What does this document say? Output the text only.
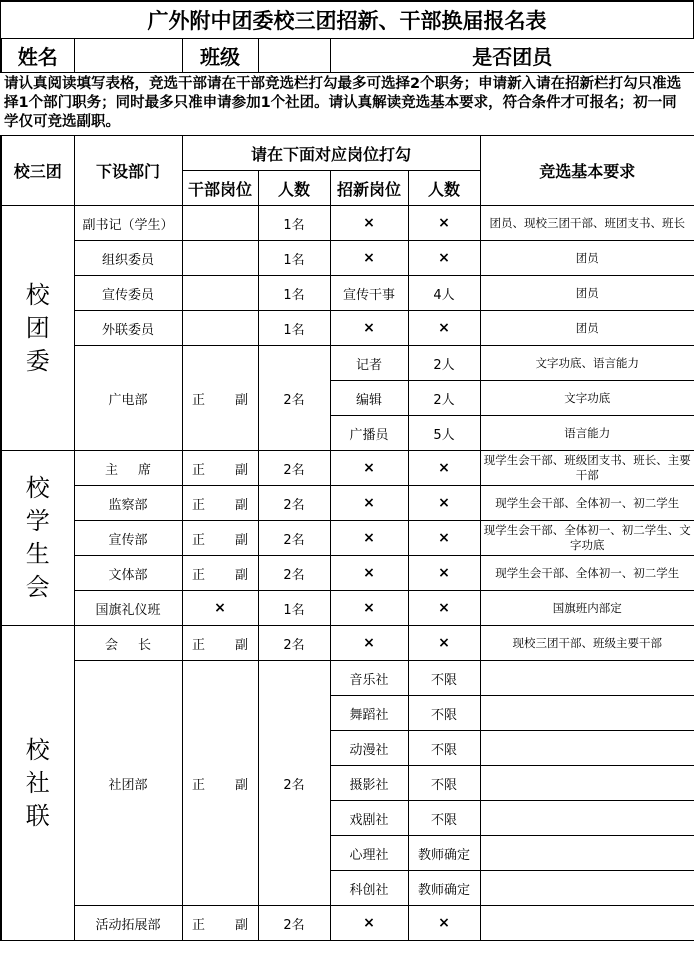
广外附中团委校三团招新、干部换届报名表
姓名		班级		是否团员
请认真阅读填写表格，竞选干部请在干部竞选栏打勾最多可选择2个职务；申请新入请在招新栏打勾只准选择1个部门职务；同时最多只准申请参加1个社团。请认真解读竞选基本要求，符合条件才可报名；初一同学仅可竞选副职。
校三团	下设部门	请在下面对应岗位打勾				竞选基本要求
		干部岗位	人数	招新岗位	人数	

校
团
委	副书记（学生）		1名	×	×	团员、现校三团干部、班团支书、班长
	组织委员		1名	×	×	团员
	宣传委员		1名	宣传干事	4人	团员
	外联委员		1名	×	×	团员
	广电部	正 副	2名	记者	2人	文字功底、语言能力
				编辑	2人	文字功底
				广播员	5人	语言能力

校
学
生
会	主 席	正 副	2名	×	×	现学生会干部、班级团支书、班长、主要干部
	监察部	正 副	2名	×	×	现学生会干部、全体初一、初二学生
	宣传部	正 副	2名	×	×	现学生会干部、全体初一、初二学生、文字功底
	文体部	正 副	2名	×	×	现学生会干部、全体初一、初二学生
	国旗礼仪班	×	1名	×	×	国旗班内部定

校
社
联	会 长	正 副	2名	×	×	现校三团干部、班级主要干部
	社团部	正 副	2名	音乐社	不限	
				舞蹈社	不限	
				动漫社	不限	
				摄影社	不限	
				戏剧社	不限	
				心理社	教师确定	
				科创社	教师确定	
	活动拓展部	正 副	2名	×	×	
